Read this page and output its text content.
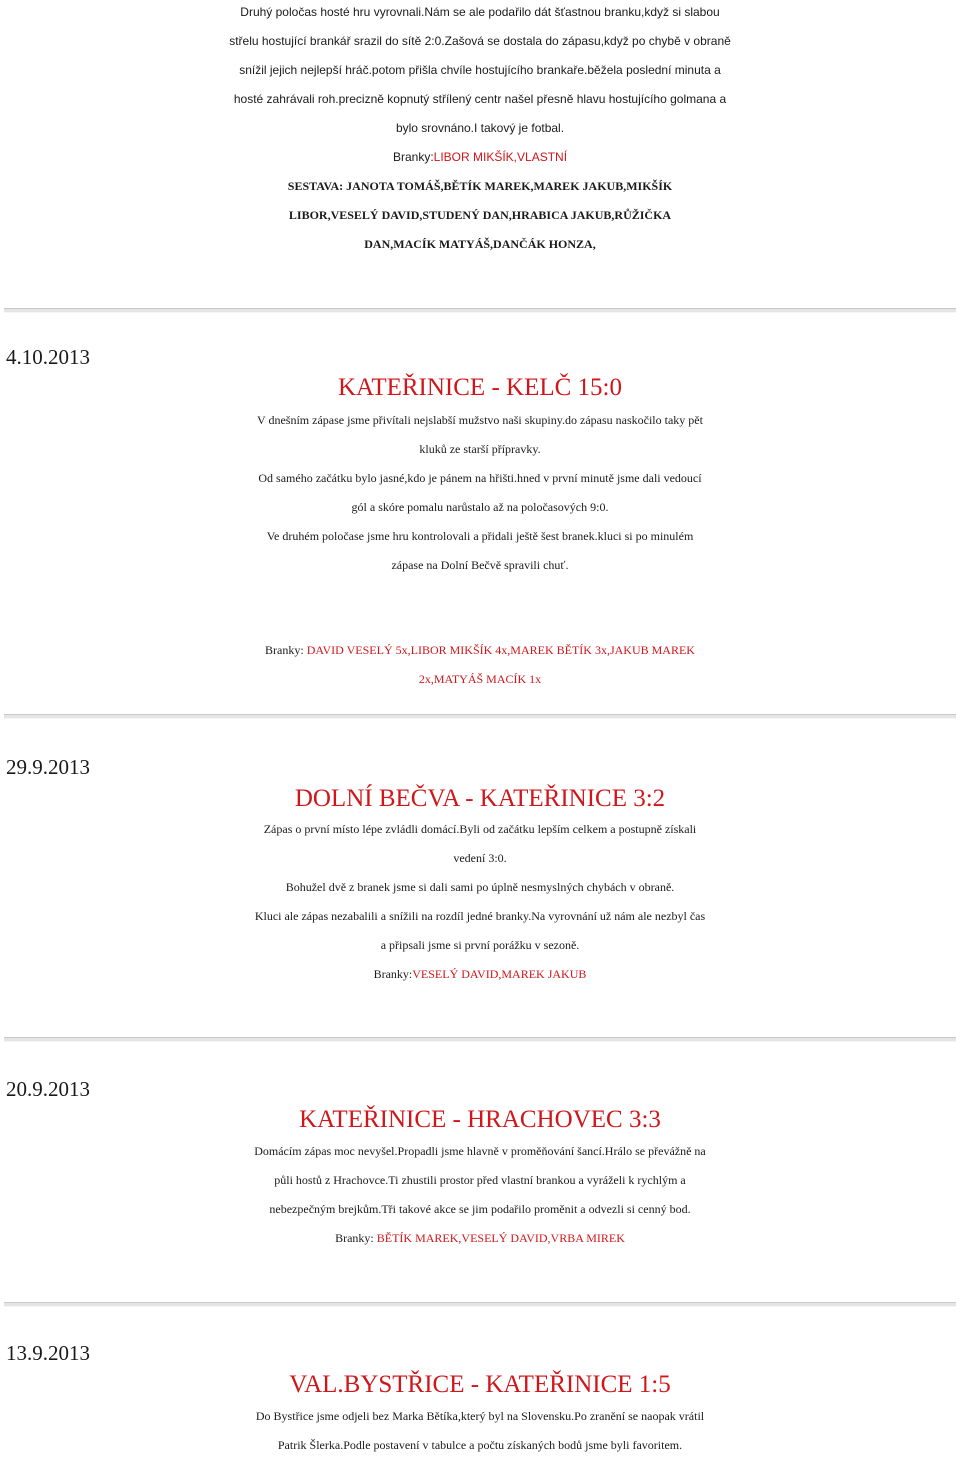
Druhý poločas hosté hru vyrovnali.Nám se ale podařilo dát šťastnou branku,když si slabou
střelu hostující brankář srazil do sítě 2:0.Zašová se dostala do zápasu,když po chybě v obraně
snížil jejich nejlepší hráč.potom přišla chvíle hostujícího brankaře.běžela poslední minuta a
hosté zahrávali roh.precizně kopnutý střílený centr našel přesně hlavu hostujícího golmana a
bylo srovnáno.I takový je fotbal.
Branky:LIBOR MIKŠÍK,VLASTNÍ
SESTAVA: JANOTA TOMÁŠ,BĚTÍK MAREK,MAREK JAKUB,MIKŠÍK
LIBOR,VESELÝ DAVID,STUDENÝ DAN,HRABICA JAKUB,RŮŽIČKA
DAN,MACÍK MATYÁŠ,DANČÁK HONZA,
4.10.2013
KATEŘINICE - KELČ 15:0
V dnešním zápase jsme přivítali nejslabší mužstvo naši skupiny.do zápasu naskočilo taky pět
kluků ze starší přípravky.
Od samého začátku bylo jasné,kdo je pánem na hřišti.hned v první minutě jsme dali vedoucí
gól a skóre pomalu narůstalo až na poločasových 9:0.
Ve druhém poločase jsme hru kontrolovali a přidali ještě šest branek.kluci si po minulém
zápase na Dolní Bečvě spravili chuť.
Branky: DAVID VESELÝ 5x,LIBOR MIKŠÍK 4x,MAREK BĚTÍK 3x,JAKUB MAREK
2x,MATYÁŠ MACÍK 1x
29.9.2013
DOLNÍ BEČVA - KATEŘINICE 3:2
Zápas o první místo lépe zvládli domácí.Byli od začátku lepším celkem a postupně získali
vedení 3:0.
Bohužel dvě z branek jsme si dali sami po úplně nesmyslných chybách v obraně.
Kluci ale zápas nezabalili a snížili na rozdíl jedné branky.Na vyrovnání už nám ale nezbyl čas
a připsali jsme si první porážku v sezoně.
Branky:VESELÝ DAVID,MAREK JAKUB
20.9.2013
KATEŘINICE - HRACHOVEC 3:3
Domácím zápas moc nevyšel.Propadli jsme hlavně v proměňování šancí.Hrálo se převážně na
půli hostů z Hrachovce.Ti zhustili prostor před vlastní brankou a vyráželi k rychlým a
nebezpečným brejkům.Tři takové akce se jim podařilo proměnit a odvezli si cenný bod.
Branky: BĚTÍK MAREK,VESELÝ DAVID,VRBA MIREK
13.9.2013
VAL.BYSTŘICE - KATEŘINICE 1:5
Do Bystřice jsme odjeli bez Marka Bětíka,který byl na Slovensku.Po zranění se naopak vrátil
Patrik Šlerka.Podle postavení v tabulce a počtu získaných bodů jsme byli favoritem.
